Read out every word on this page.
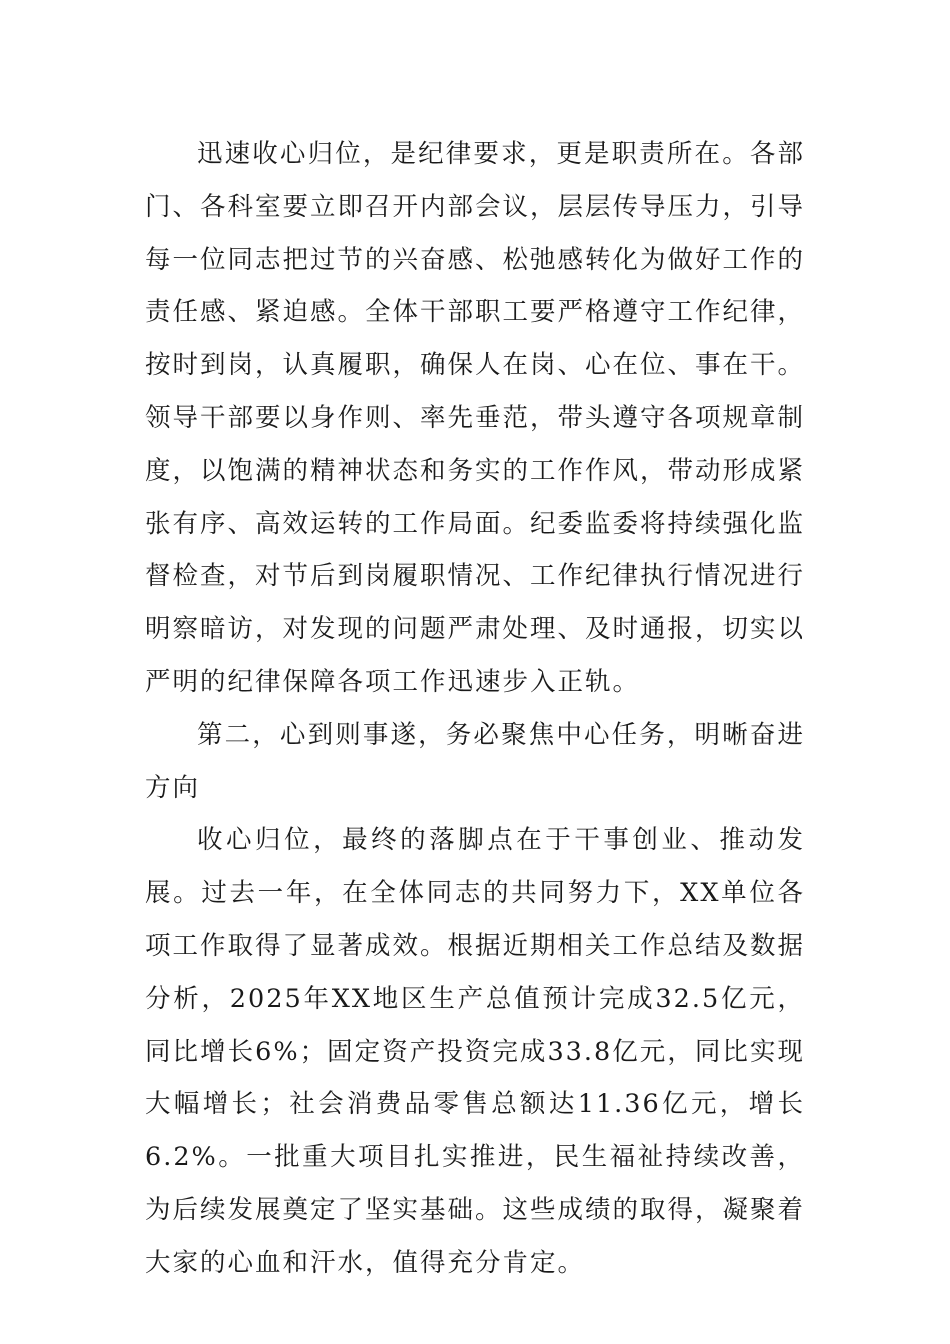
迅速收心归位，是纪律要求，更是职责所在。各部门、各科室要立即召开内部会议，层层传导压力，引导每一位同志把过节的兴奋感、松弛感转化为做好工作的责任感、紧迫感。全体干部职工要严格遵守工作纪律，按时到岗，认真履职，确保人在岗、心在位、事在干。领导干部要以身作则、率先垂范，带头遵守各项规章制度，以饱满的精神状态和务实的工作作风，带动形成紧张有序、高效运转的工作局面。纪委监委将持续强化监督检查，对节后到岗履职情况、工作纪律执行情况进行明察暗访，对发现的问题严肃处理、及时通报，切实以严明的纪律保障各项工作迅速步入正轨。

第二，心到则事遂，务必聚焦中心任务，明晰奋进方向

收心归位，最终的落脚点在于干事创业、推动发展。过去一年，在全体同志的共同努力下，XX单位各项工作取得了显著成效。根据近期相关工作总结及数据分析，2025年XX地区生产总值预计完成32.5亿元，同比增长6%；固定资产投资完成33.8亿元，同比实现大幅增长；社会消费品零售总额达11.36亿元，增长6.2%。一批重大项目扎实推进，民生福祉持续改善，为后续发展奠定了坚实基础。这些成绩的取得，凝聚着大家的心血和汗水，值得充分肯定。
